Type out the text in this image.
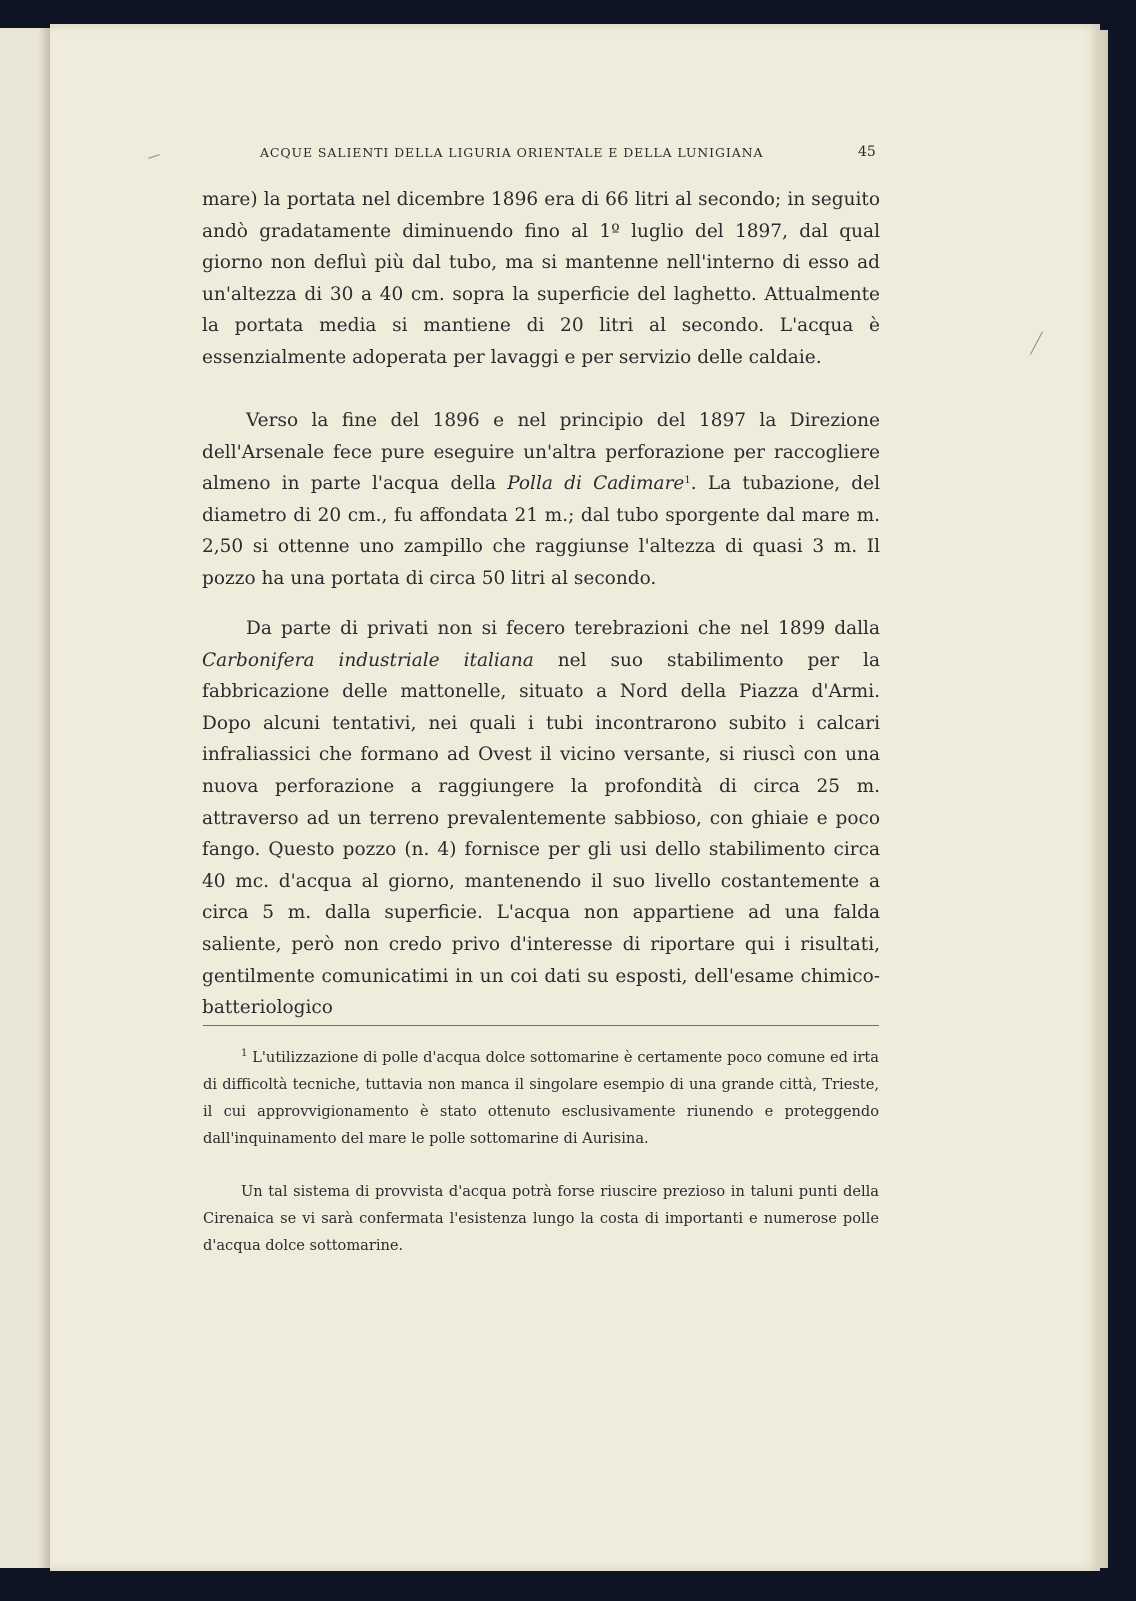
ACQUE SALIENTI DELLA LIGURIA ORIENTALE E DELLA LUNIGIANA	45

mare) la portata nel dicembre 1896 era di 66 litri al secondo; in seguito andò gradatamente diminuendo fino al 1º luglio del 1897, dal qual giorno non defluì più dal tubo, ma si mantenne nell'interno di esso ad un'altezza di 30 a 40 cm. sopra la superficie del laghetto. Attualmente la portata media si mantiene di 20 litri al secondo. L'acqua è essenzialmente adoperata per lavaggi e per servizio delle caldaie.

Verso la fine del 1896 e nel principio del 1897 la Direzione dell'Arsenale fece pure eseguire un'altra perforazione per raccogliere almeno in parte l'acqua della Polla di Cadimare$^1$. La tubazione, del diametro di 20 cm., fu affondata 21 m.; dal tubo sporgente dal mare m. 2,50 si ottenne uno zampillo che raggiunse l'altezza di quasi 3 m. Il pozzo ha una portata di circa 50 litri al secondo.

Da parte di privati non si fecero terebrazioni che nel 1899 dalla Carbonifera industriale italiana nel suo stabilimento per la fabbricazione delle mattonelle, situato a Nord della Piazza d'Armi. Dopo alcuni tentativi, nei quali i tubi incontrarono subito i calcari infraliassici che formano ad Ovest il vicino versante, si riuscì con una nuova perforazione a raggiungere la profondità di circa 25 m. attraverso ad un terreno prevalentemente sabbioso, con ghiaie e poco fango. Questo pozzo (n. 4) fornisce per gli usi dello stabilimento circa 40 mc. d'acqua al giorno, mantenendo il suo livello costantemente a circa 5 m. dalla superficie. L'acqua non appartiene ad una falda saliente, però non credo privo d'interesse di riportare qui i risultati, gentilmente comunicatimi in un coi dati su esposti, dell'esame chimico-batteriologico

$^1$ L'utilizzazione di polle d'acqua dolce sottomarine è certamente poco comune ed irta di difficoltà tecniche, tuttavia non manca il singolare esempio di una grande città, Trieste, il cui approvvigionamento è stato ottenuto esclusivamente riunendo e proteggendo dall'inquinamento del mare le polle sottomarine di Aurisina.

Un tal sistema di provvista d'acqua potrà forse riuscire prezioso in taluni punti della Cirenaica se vi sarà confermata l'esistenza lungo la costa di importanti e numerose polle d'acqua dolce sottomarine.
